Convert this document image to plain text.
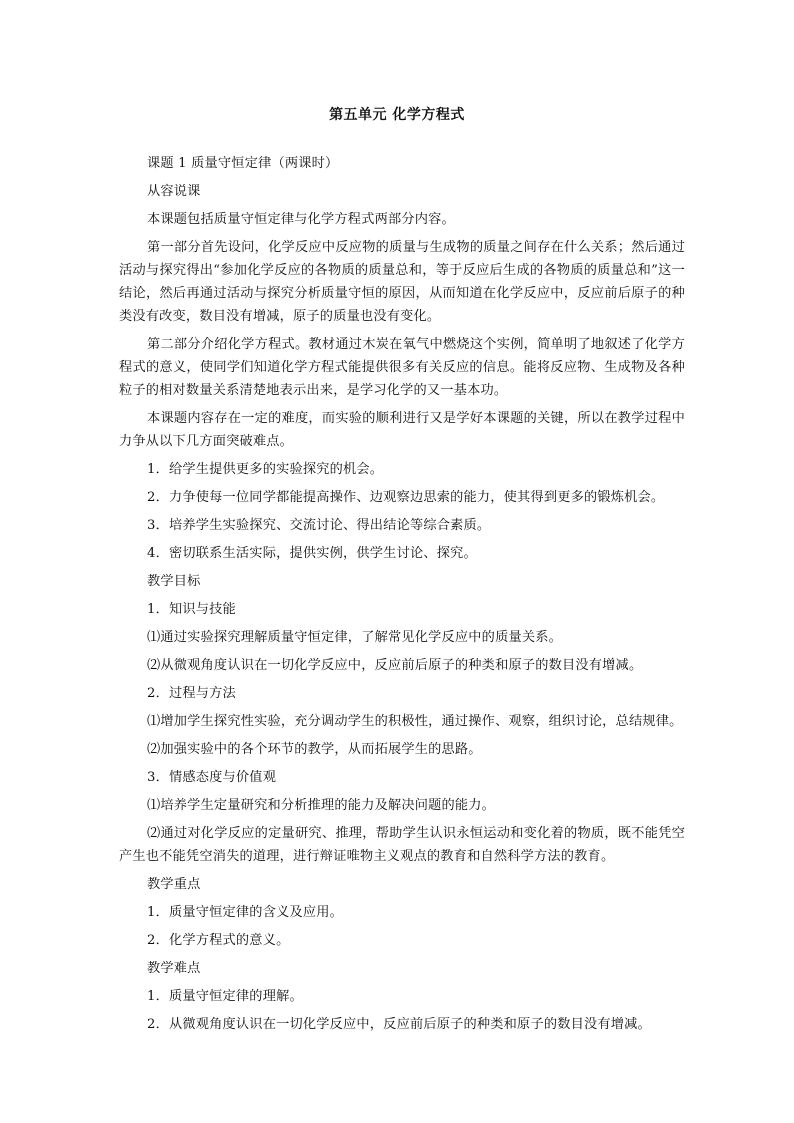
第五单元 化学方程式

课题 1 质量守恒定律（两课时）

从容说课

本课题包括质量守恒定律与化学方程式两部分内容。

第一部分首先设问，化学反应中反应物的质量与生成物的质量之间存在什么关系；然后通过活动与探究得出“参加化学反应的各物质的质量总和，等于反应后生成的各物质的质量总和”这一结论，然后再通过活动与探究分析质量守恒的原因，从而知道在化学反应中，反应前后原子的种类没有改变，数目没有增减，原子的质量也没有变化。

第二部分介绍化学方程式。教材通过木炭在氧气中燃烧这个实例，简单明了地叙述了化学方程式的意义，使同学们知道化学方程式能提供很多有关反应的信息。能将反应物、生成物及各种粒子的相对数量关系清楚地表示出来，是学习化学的又一基本功。

本课题内容存在一定的难度，而实验的顺利进行又是学好本课题的关键，所以在教学过程中力争从以下几方面突破难点。

1．给学生提供更多的实验探究的机会。

2．力争使每一位同学都能提高操作、边观察边思索的能力，使其得到更多的锻炼机会。

3．培养学生实验探究、交流讨论、得出结论等综合素质。

4．密切联系生活实际，提供实例，供学生讨论、探究。

教学目标

1．知识与技能

⑴通过实验探究理解质量守恒定律，了解常见化学反应中的质量关系。

⑵从微观角度认识在一切化学反应中，反应前后原子的种类和原子的数目没有增减。

2．过程与方法

⑴增加学生探究性实验，充分调动学生的积极性，通过操作、观察，组织讨论，总结规律。

⑵加强实验中的各个环节的教学，从而拓展学生的思路。

3．情感态度与价值观

⑴培养学生定量研究和分析推理的能力及解决问题的能力。

⑵通过对化学反应的定量研究、推理，帮助学生认识永恒运动和变化着的物质，既不能凭空产生也不能凭空消失的道理，进行辩证唯物主义观点的教育和自然科学方法的教育。

教学重点

1．质量守恒定律的含义及应用。

2．化学方程式的意义。

教学难点

1．质量守恒定律的理解。

2．从微观角度认识在一切化学反应中，反应前后原子的种类和原子的数目没有增减。
